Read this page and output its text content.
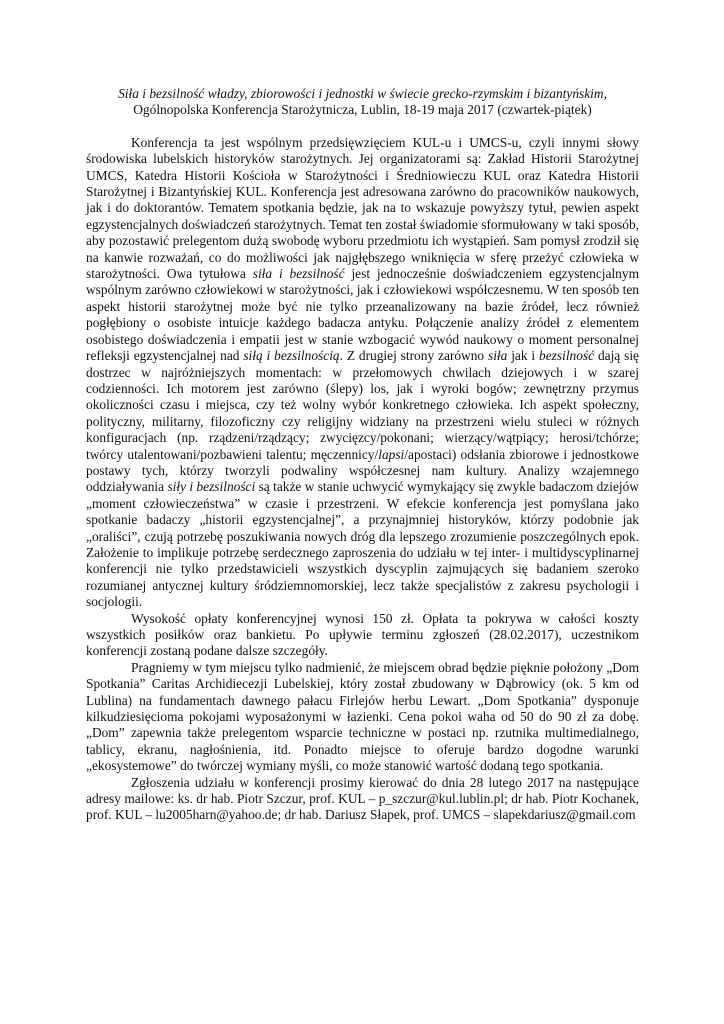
Siła i bezsilność władzy, zbiorowości i jednostki w świecie grecko-rzymskim i bizantyńskim,
Ogólnopolska Konferencja Starożytnicza, Lublin, 18-19 maja 2017 (czwartek-piątek)

Konferencja ta jest wspólnym przedsięwzięciem KUL-u i UMCS-u, czyli innymi słowy środowiska lubelskich historyków starożytnych. Jej organizatorami są: Zakład Historii Starożytnej UMCS, Katedra Historii Kościoła w Starożytności i Średniowieczu KUL oraz Katedra Historii Starożytnej i Bizantyńskiej KUL. Konferencja jest adresowana zarówno do pracowników naukowych, jak i do doktorantów. Tematem spotkania będzie, jak na to wskazuje powyższy tytuł, pewien aspekt egzystencjalnych doświadczeń starożytnych. Temat ten został świadomie sformułowany w taki sposób, aby pozostawić prelegentom dużą swobodę wyboru przedmiotu ich wystąpień. Sam pomysł zrodził się na kanwie rozważań, co do możliwości jak najgłębszego wniknięcia w sferę przeżyć człowieka w starożytności. Owa tytułowa siła i bezsilność jest jednocześnie doświadczeniem egzystencjalnym wspólnym zarówno człowiekowi w starożytności, jak i człowiekowi współczesnemu. W ten sposób ten aspekt historii starożytnej może być nie tylko przeanalizowany na bazie źródeł, lecz również pogłębiony o osobiste intuicje każdego badacza antyku. Połączenie analizy źródeł z elementem osobistego doświadczenia i empatii jest w stanie wzbogacić wywód naukowy o moment personalnej refleksji egzystencjalnej nad siłą i bezsilnością. Z drugiej strony zarówno siła jak i bezsilność dają się dostrzec w najróżniejszych momentach: w przełomowych chwilach dziejowych i w szarej codzienności. Ich motorem jest zarówno (ślepy) los, jak i wyroki bogów; zewnętrzny przymus okoliczności czasu i miejsca, czy też wolny wybór konkretnego człowieka. Ich aspekt społeczny, polityczny, militarny, filozoficzny czy religijny widziany na przestrzeni wielu stuleci w różnych konfiguracjach (np. rządzeni/rządzący; zwycięzcy/pokonani; wierzący/wątpiący; herosi/tchórze; twórcy utalentowani/pozbawieni talentu; męczennicy/lapsi/apostaci) odsłania zbiorowe i jednostkowe postawy tych, którzy tworzyli podwaliny współczesnej nam kultury. Analizy wzajemnego oddziaływania siły i bezsilności są także w stanie uchwycić wymykający się zwykle badaczom dziejów „moment człowieczeństwa” w czasie i przestrzeni. W efekcie konferencja jest pomyślana jako spotkanie badaczy „historii egzystencjalnej”, a przynajmniej historyków, którzy podobnie jak „oraliści”, czują potrzebę poszukiwania nowych dróg dla lepszego zrozumienie poszczególnych epok. Założenie to implikuje potrzebę serdecznego zaproszenia do udziału w tej inter- i multidyscyplinarnej konferencji nie tylko przedstawicieli wszystkich dyscyplin zajmujących się badaniem szeroko rozumianej antycznej kultury śródziemnomorskiej, lecz także specjalistów z zakresu psychologii i socjologii.

Wysokość opłaty konferencyjnej wynosi 150 zł. Opłata ta pokrywa w całości koszty wszystkich posiłków oraz bankietu. Po upływie terminu zgłoszeń (28.02.2017), uczestnikom konferencji zostaną podane dalsze szczegóły.

Pragniemy w tym miejscu tylko nadmienić, że miejscem obrad będzie pięknie położony „Dom Spotkania” Caritas Archidiecezji Lubelskiej, który został zbudowany w Dąbrowicy (ok. 5 km od Lublina) na fundamentach dawnego pałacu Firlejów herbu Lewart. „Dom Spotkania” dysponuje kilkudziesięcioma pokojami wyposażonymi w łazienki. Cena pokoi waha od 50 do 90 zł za dobę. „Dom” zapewnia także prelegentom wsparcie techniczne w postaci np. rzutnika multimedialnego, tablicy, ekranu, nagłośnienia, itd. Ponadto miejsce to oferuje bardzo dogodne warunki „ekosystemowe” do twórczej wymiany myśli, co może stanowić wartość dodaną tego spotkania.

Zgłoszenia udziału w konferencji prosimy kierować do dnia 28 lutego 2017 na następujące adresy mailowe: ks. dr hab. Piotr Szczur, prof. KUL – p_szczur@kul.lublin.pl; dr hab. Piotr Kochanek, prof. KUL – lu2005harn@yahoo.de; dr hab. Dariusz Słapek, prof. UMCS – slapekdariusz@gmail.com
